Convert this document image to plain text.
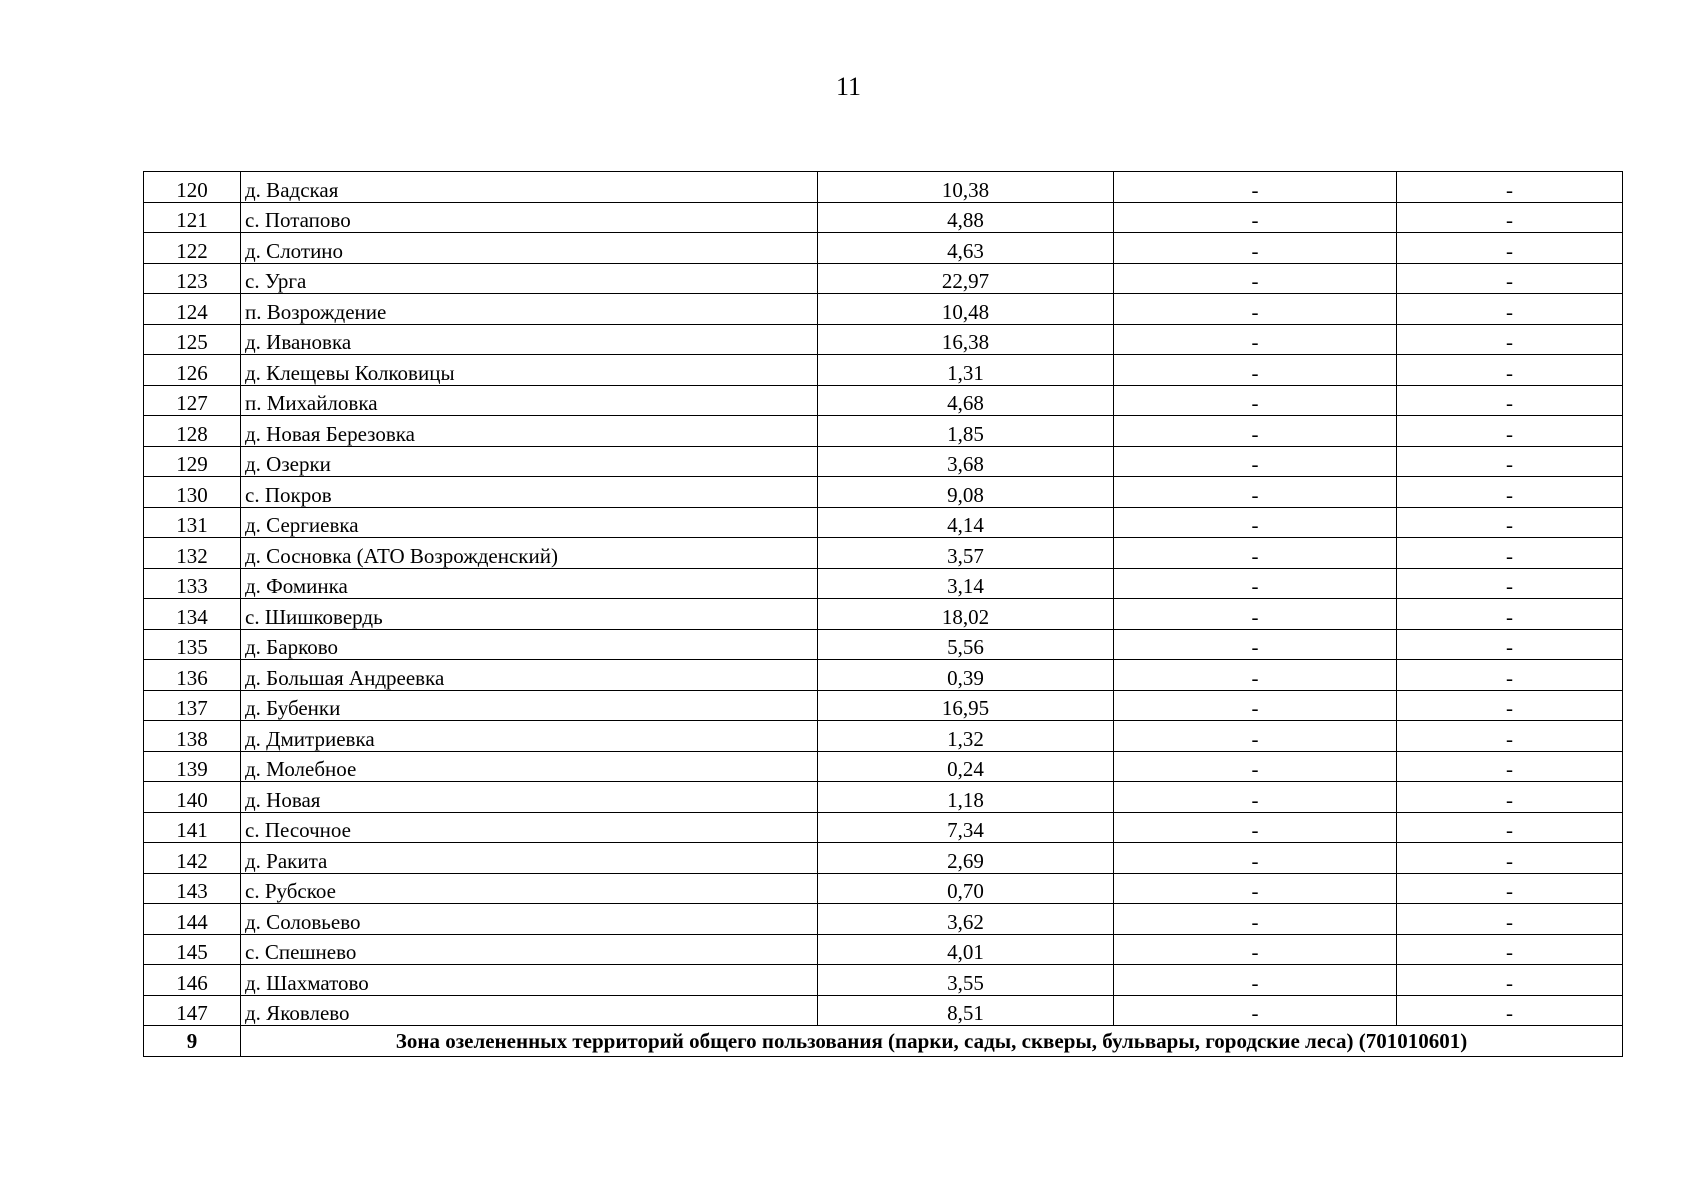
11
120	д. Вадская	10,38	-	-
121	с. Потапово	4,88	-	-
122	д. Слотино	4,63	-	-
123	с. Урга	22,97	-	-
124	п. Возрождение	10,48	-	-
125	д. Ивановка	16,38	-	-
126	д. Клещевы Колковицы	1,31	-	-
127	п. Михайловка	4,68	-	-
128	д. Новая Березовка	1,85	-	-
129	д. Озерки	3,68	-	-
130	с. Покров	9,08	-	-
131	д. Сергиевка	4,14	-	-
132	д. Сосновка (АТО Возрожденский)	3,57	-	-
133	д. Фоминка	3,14	-	-
134	с. Шишковердь	18,02	-	-
135	д. Барково	5,56	-	-
136	д. Большая Андреевка	0,39	-	-
137	д. Бубенки	16,95	-	-
138	д. Дмитриевка	1,32	-	-
139	д. Молебное	0,24	-	-
140	д. Новая	1,18	-	-
141	с. Песочное	7,34	-	-
142	д. Ракита	2,69	-	-
143	с. Рубское	0,70	-	-
144	д. Соловьево	3,62	-	-
145	с. Спешнево	4,01	-	-
146	д. Шахматово	3,55	-	-
147	д. Яковлево	8,51	-	-
9	Зона озелененных территорий общего пользования (парки, сады, скверы, бульвары, городские леса) (701010601)			
